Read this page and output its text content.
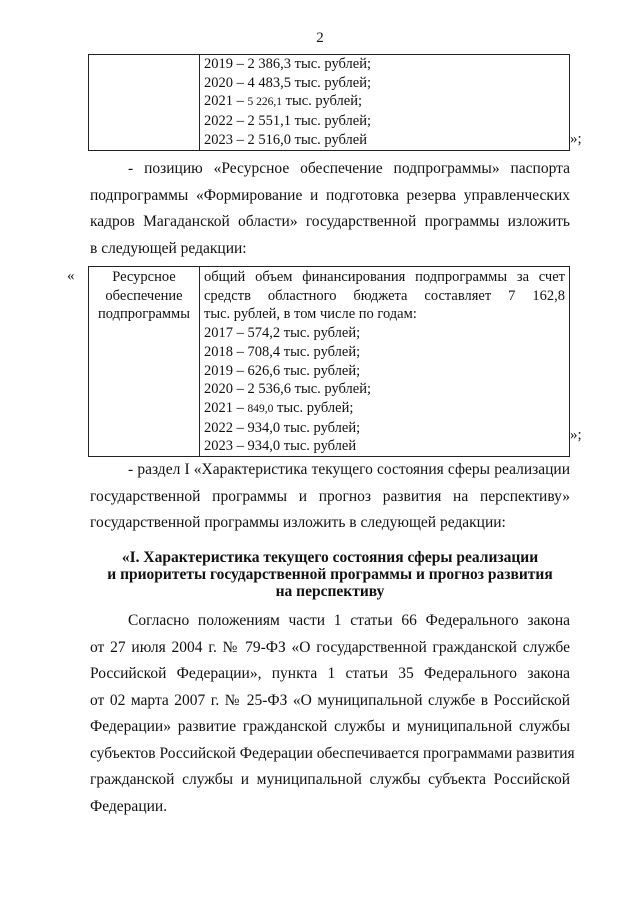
2

2019 – 2 386,3 тыс. рублей;
2020 – 4 483,5 тыс. рублей;
2021 – 5 226,1 тыс. рублей;
2022 – 2 551,1 тыс. рублей;
2023 – 2 516,0 тыс. рублей	»;
- позицию «Ресурсное обеспечение подпрограммы» паспорта
подпрограммы «Формирование и подготовка резерва управленческих
кадров Магаданской области» государственной программы изложить
в следующей редакции:
«	Ресурсное
обеспечение
подпрограммы

общий объем финансирования подпрограммы за счет
средств областного бюджета составляет 7 162,8
тыс. рублей, в том числе по годам:
2017 – 574,2 тыс. рублей;
2018 – 708,4 тыс. рублей;
2019 – 626,6 тыс. рублей;
2020 – 2 536,6 тыс. рублей;
2021 – 849,0 тыс. рублей;
2022 – 934,0 тыс. рублей;
2023 – 934,0 тыс. рублей
»;
- раздел I «Характеристика текущего состояния сферы реализации
государственной программы и прогноз развития на перспективу»
государственной программы изложить в следующей редакции:
«I. Характеристика текущего состояния сферы реализации
и приоритеты государственной программы и прогноз развития
на перспективу
Согласно положениям части 1 статьи 66 Федерального закона
от 27 июля 2004 г. № 79-ФЗ «О государственной гражданской службе
Российской Федерации», пункта 1 статьи 35 Федерального закона
от 02 марта 2007 г. № 25-ФЗ «О муниципальной службе в Российской
Федерации» развитие гражданской службы и муниципальной службы
субъектов Российской Федерации обеспечивается программами развития
гражданской службы и муниципальной службы субъекта Российской
Федерации.
